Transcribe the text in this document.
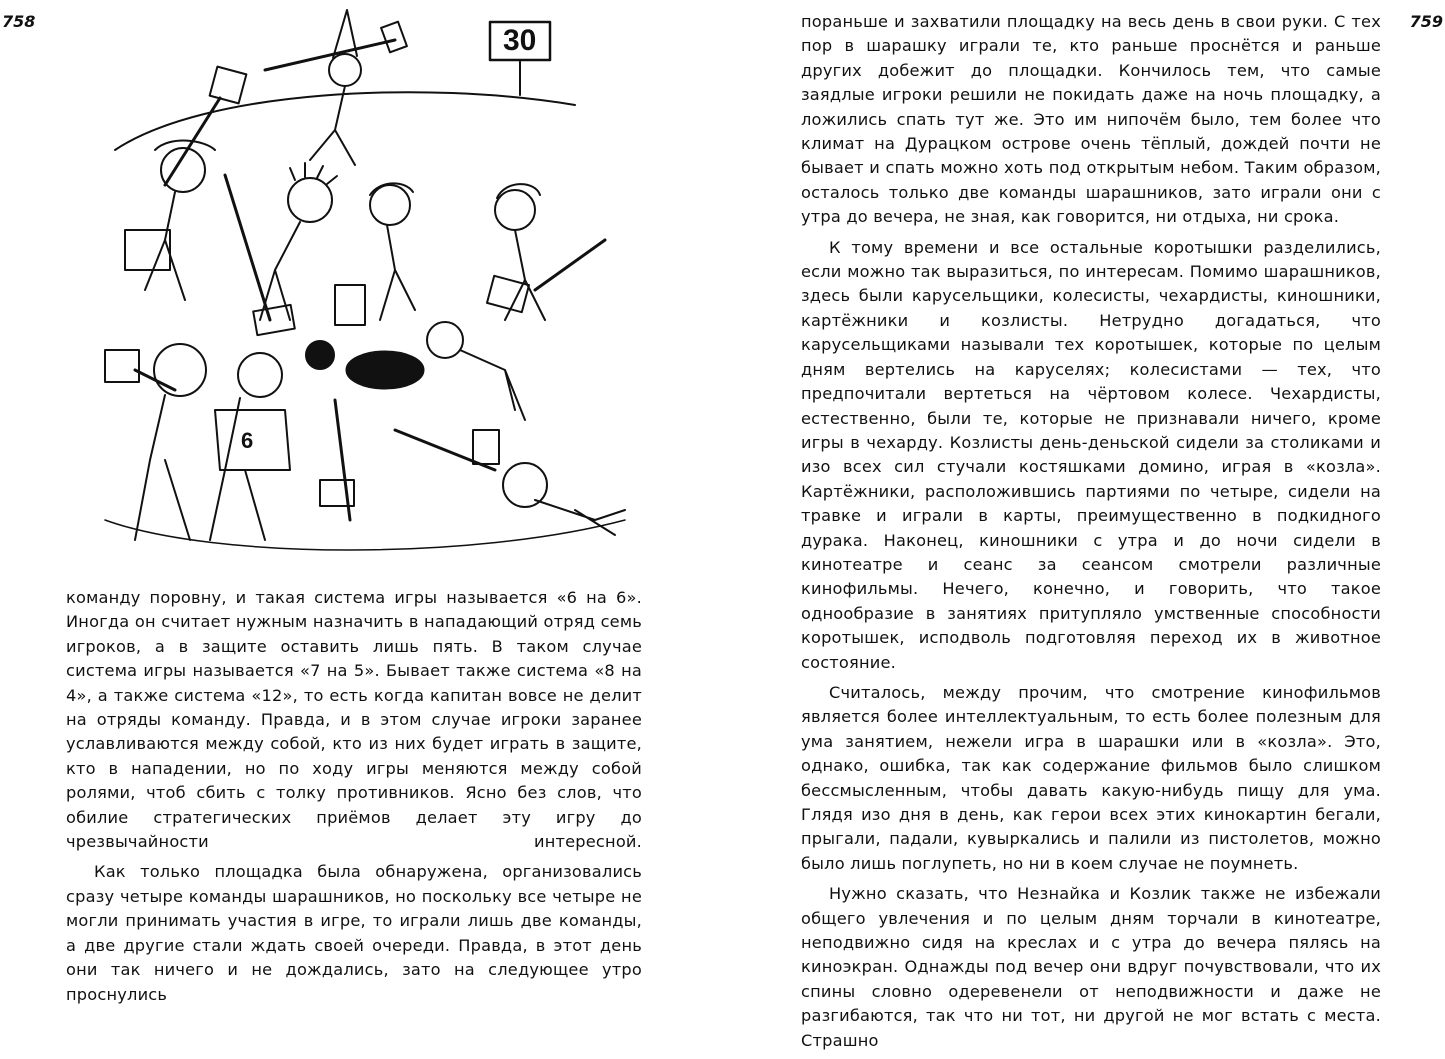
758	759
6
30

команду поровну, и такая система игры называется «6 на 6». Иногда он считает нужным назначить в нападающий отряд семь игроков, а в защите оставить лишь пять. В таком случае система игры называется «7 на 5». Бывает также система «8 на 4», а также система «12», то есть когда капитан вовсе не делит на отряды команду. Правда, и в этом случае игроки заранее уславливаются между собой, кто из них будет играть в защите, кто в нападении, но по ходу игры меняются между собой ролями, чтоб сбить с толку противников. Ясно без слов, что обилие стратегических приёмов делает эту игру до чрезвычайности интересной.

Как только площадка была обнаружена, организовались сразу четыре команды шарашников, но поскольку все четыре не могли принимать участия в игре, то играли лишь две команды, а две другие стали ждать своей очереди. Правда, в этот день они так ничего и не дождались, зато на следующее утро проснулись

пораньше и захватили площадку на весь день в свои руки. С тех пор в шарашку играли те, кто раньше проснётся и раньше других добежит до площадки. Кончилось тем, что самые заядлые игроки решили не покидать даже на ночь площадку, а ложились спать тут же. Это им нипочём было, тем более что климат на Дурацком острове очень тёплый, дождей почти не бывает и спать можно хоть под открытым небом. Таким образом, осталось только две команды шарашников, зато играли они с утра до вечера, не зная, как говорится, ни отдыха, ни срока.

К тому времени и все остальные коротышки разделились, если можно так выразиться, по интересам. Помимо шарашников, здесь были карусельщики, колесисты, чехардисты, киношники, картёжники и козлисты. Нетрудно догадаться, что карусельщиками называли тех коротышек, которые по целым дням вертелись на каруселях; колесистами — тех, что предпочитали вертеться на чёртовом колесе. Чехардисты, естественно, были те, которые не признавали ничего, кроме игры в чехарду. Козлисты день-деньской сидели за столиками и изо всех сил стучали костяшками домино, играя в «козла». Картёжники, расположившись партиями по четыре, сидели на травке и играли в карты, преимущественно в подкидного дурака. Наконец, киношники с утра и до ночи сидели в кинотеатре и сеанс за сеансом смотрели различные кинофильмы. Нечего, конечно, и говорить, что такое однообразие в занятиях притупляло умственные способности коротышек, исподволь подготовляя переход их в животное состояние.

Считалось, между прочим, что смотрение кинофильмов является более интеллектуальным, то есть более полезным для ума занятием, нежели игра в шарашки или в «козла». Это, однако, ошибка, так как содержание фильмов было слишком бессмысленным, чтобы давать какую-нибудь пищу для ума. Глядя изо дня в день, как герои всех этих кинокартин бегали, прыгали, падали, кувыркались и палили из пистолетов, можно было лишь поглупеть, но ни в коем случае не поумнеть.

Нужно сказать, что Незнайка и Козлик также не избежали общего увлечения и по целым дням торчали в кинотеатре, неподвижно сидя на креслах и с утра до вечера пялясь на киноэкран. Однажды под вечер они вдруг почувствовали, что их спины словно одеревенели от неподвижности и даже не разгибаются, так что ни тот, ни другой не мог встать с места. Страшно
